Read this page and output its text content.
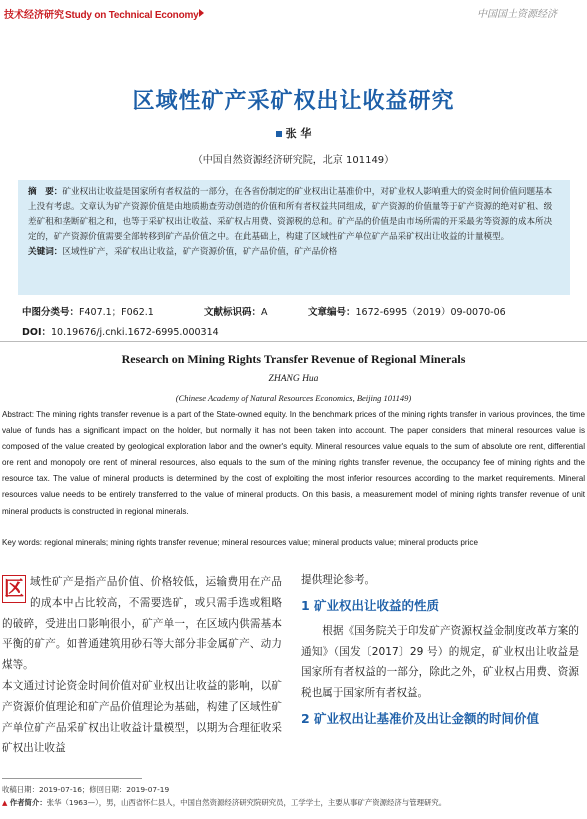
技术经济研究Study on Technical Economy	中国国土资源经济
区域性矿产采矿权出让收益研究
张 华
（中国自然资源经济研究院，北京 101149）
摘　要：矿业权出让收益是国家所有者权益的一部分，在各省份制定的矿业权出让基准价中，对矿业权人影响重大的资金时间价值问题基本上没有考虑。文章认为矿产资源价值是由地质勘查劳动创造的价值和所有者权益共同组成，矿产资源的价值量等于矿产资源的绝对矿租、级差矿租和垄断矿租之和，也等于采矿权出让收益、采矿权占用费、资源税的总和。矿产品的价值是由市场所需的开采最劣等资源的成本所决定的，矿产资源价值需要全部转移到矿产品价值之中。在此基础上，构建了区域性矿产单位矿产品采矿权出让收益的计量模型。
关键词：区域性矿产，采矿权出让收益，矿产资源价值，矿产品价值，矿产品价格
中图分类号：F407.1；F062.1	文献标识码：A	文章编号：1672-6995（2019）09-0070-06
DOI：10.19676/j.cnki.1672-6995.000314
Research on Mining Rights Transfer Revenue of Regional Minerals
ZHANG Hua
(Chinese Academy of Natural Resources Economics, Beijing 101149)
Abstract: The mining rights transfer revenue is a part of the State-owned equity. In the benchmark prices of the mining rights transfer in various provinces, the time value of funds has a significant impact on the holder, but normally it has not been taken into account. The paper considers that mineral resources value is composed of the value created by geological exploration labor and the owner's equity. Mineral resources value equals to the sum of absolute ore rent, differential ore rent and monopoly ore rent of mineral resources, also equals to the sum of the mining rights transfer revenue, the occupancy fee of mining rights and the resource tax. The value of mineral products is determined by the cost of exploiting the most inferior resources according to the market requirements. Mineral resources value needs to be entirely transferred to the value of mineral products. On this basis, a measurement model of mining rights transfer revenue of unit mineral products is constructed in regional minerals.
Key words: regional minerals; mining rights transfer revenue; mineral resources value; mineral products value; mineral products price

区 域性矿产是指产品价值、价格较低，运输费用在产品的成本中占比较高，不需要选矿，或只需手选或粗略的破碎，受进出口影响很小，矿产单一，在区域内供需基本平衡的矿产。如普通建筑用砂石等大部分非金属矿产、动力煤等。

本文通过讨论资金时间价值对矿业权出让收益的影响，以矿产资源价值理论和矿产品价值理论为基础，构建了区域性矿产单位矿产品采矿权出让收益计量模型，以期为合理征收采矿权出让收益

提供理论参考。

1 矿业权出让收益的性质

根据《国务院关于印发矿产资源权益金制度改革方案的通知》（国发〔2017〕29 号）的规定，矿业权出让收益是国家所有者权益的一部分，除此之外，矿业权占用费、资源税也属于国家所有者权益。

2 矿业权出让基准价及出让金额的时间价值
收稿日期：2019-07-16；修回日期：2019-07-19
▲ 作者简介：张华（1963—），男，山西省怀仁县人，中国自然资源经济研究院研究员，工学学士，主要从事矿产资源经济与管理研究。
